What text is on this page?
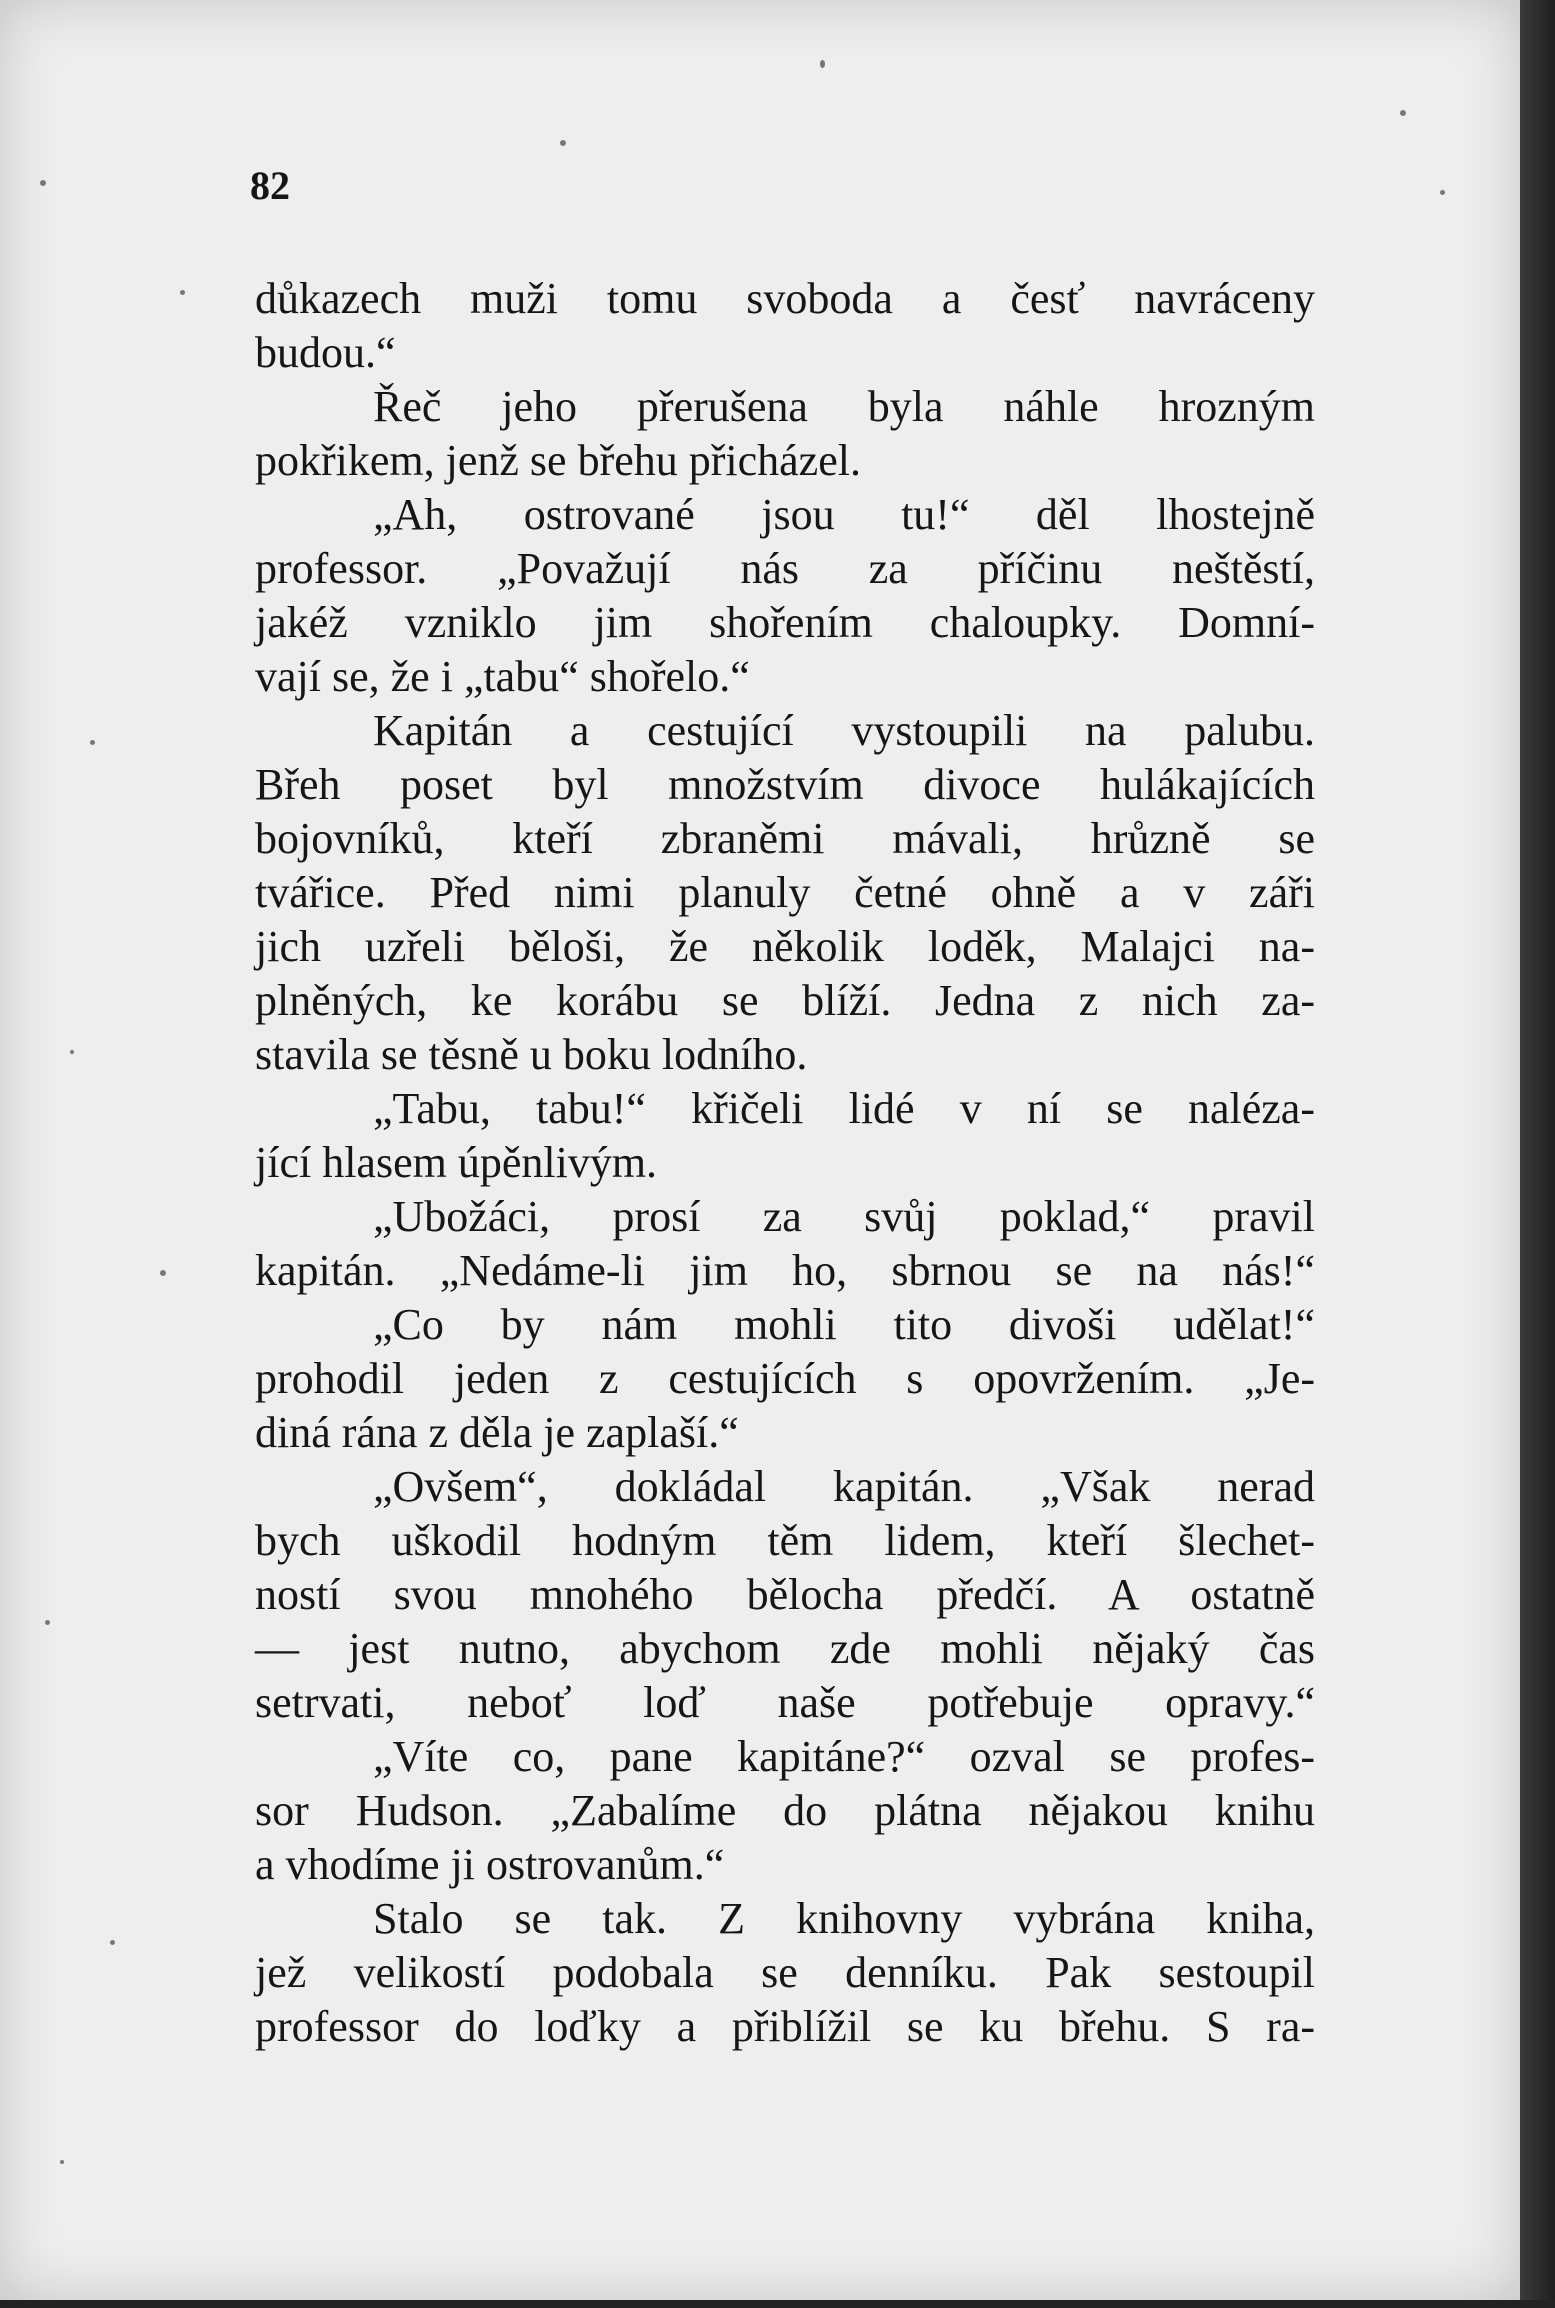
82
důkazech muži tomu svoboda a česť navráceny
budou.“
Řeč jeho přerušena byla náhle hrozným
pokřikem, jenž se břehu přicházel.
„Ah, ostrované jsou tu!“ děl lhostejně
professor. „Považují nás za příčinu neštěstí,
jakéž vzniklo jim shořením chaloupky. Domní-
vají se, že i „tabu“ shořelo.“
Kapitán a cestující vystoupili na palubu.
Břeh poset byl množstvím divoce hulákajících
bojovníků, kteří zbraněmi mávali, hrůzně se
tvářice. Před nimi planuly četné ohně a v záři
jich uzřeli běloši, že několik loděk, Malajci na-
plněných, ke korábu se blíží. Jedna z nich za-
stavila se těsně u boku lodního.
„Tabu, tabu!“ křičeli lidé v ní se naléza-
jící hlasem úpěnlivým.
„Ubožáci, prosí za svůj poklad,“ pravil
kapitán. „Nedáme-li jim ho, sbrnou se na nás!“
„Co by nám mohli tito divoši udělat!“
prohodil jeden z cestujících s opovržením. „Je-
diná rána z děla je zaplaší.“
„Ovšem“, dokládal kapitán. „Však nerad
bych uškodil hodným těm lidem, kteří šlechet-
ností svou mnohého bělocha předčí. A ostatně
— jest nutno, abychom zde mohli nějaký čas
setrvati, neboť loď naše potřebuje opravy.“
„Víte co, pane kapitáne?“ ozval se profes-
sor Hudson. „Zabalíme do plátna nějakou knihu
a vhodíme ji ostrovanům.“
Stalo se tak. Z knihovny vybrána kniha,
jež velikostí podobala se denníku. Pak sestoupil
professor do loďky a přiblížil se ku břehu. S ra-
